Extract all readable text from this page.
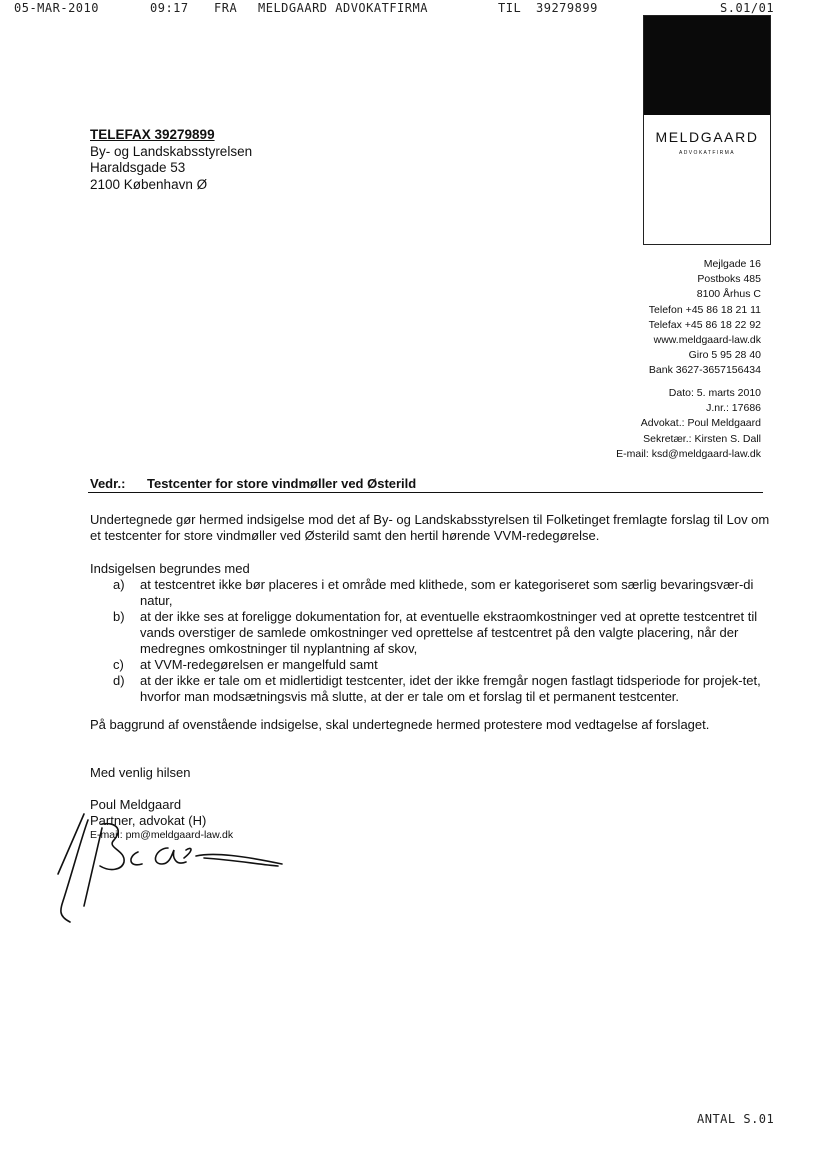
05-MAR-2010	09:17 FRA MELDGAARD ADVOKATFIRMA	TIL 39279899	S.01/01
TELEFAX 39279899
By- og Landskabsstyrelsen
Haraldsgade 53
2100 København Ø
MELDGAARD
ADVOKATFIRMA
Mejlgade 16
Postboks 485
8100 Århus C
Telefon +45 86 18 21 11
Telefax +45 86 18 22 92
www.meldgaard-law.dk
Giro 5 95 28 40
Bank 3627-3657156434
Dato: 5. marts 2010
J.nr.: 17686
Advokat.: Poul Meldgaard
Sekretær.: Kirsten S. Dall
E-mail: ksd@meldgaard-law.dk
Vedr.: Testcenter for store vindmøller ved Østerild
Undertegnede gør hermed indsigelse mod det af By- og Landskabsstyrelsen til Folketinget fremlagte forslag til Lov om et testcenter for store vindmøller ved Østerild samt den hertil hørende VVM-redegørelse.
Indsigelsen begrundes med
a)	at testcentret ikke bør placeres i et område med klithede, som er kategoriseret som særlig bevaringsvær-di natur,
b)	at der ikke ses at foreligge dokumentation for, at eventuelle ekstraomkostninger ved at oprette testcentret til vands overstiger de samlede omkostninger ved oprettelse af testcentret på den valgte placering, når der medregnes omkostninger til nyplantning af skov,
c)	at VVM-redegørelsen er mangelfuld samt
d)	at der ikke er tale om et midlertidigt testcenter, idet der ikke fremgår nogen fastlagt tidsperiode for projek-tet, hvorfor man modsætningsvis må slutte, at der er tale om et forslag til et permanent testcenter.
På baggrund af ovenstående indsigelse, skal undertegnede hermed protestere mod vedtagelse af forslaget.
Med venlig hilsen
Poul Meldgaard
Partner, advokat (H)
E-mail: pm@meldgaard-law.dk
ANTAL S.01
